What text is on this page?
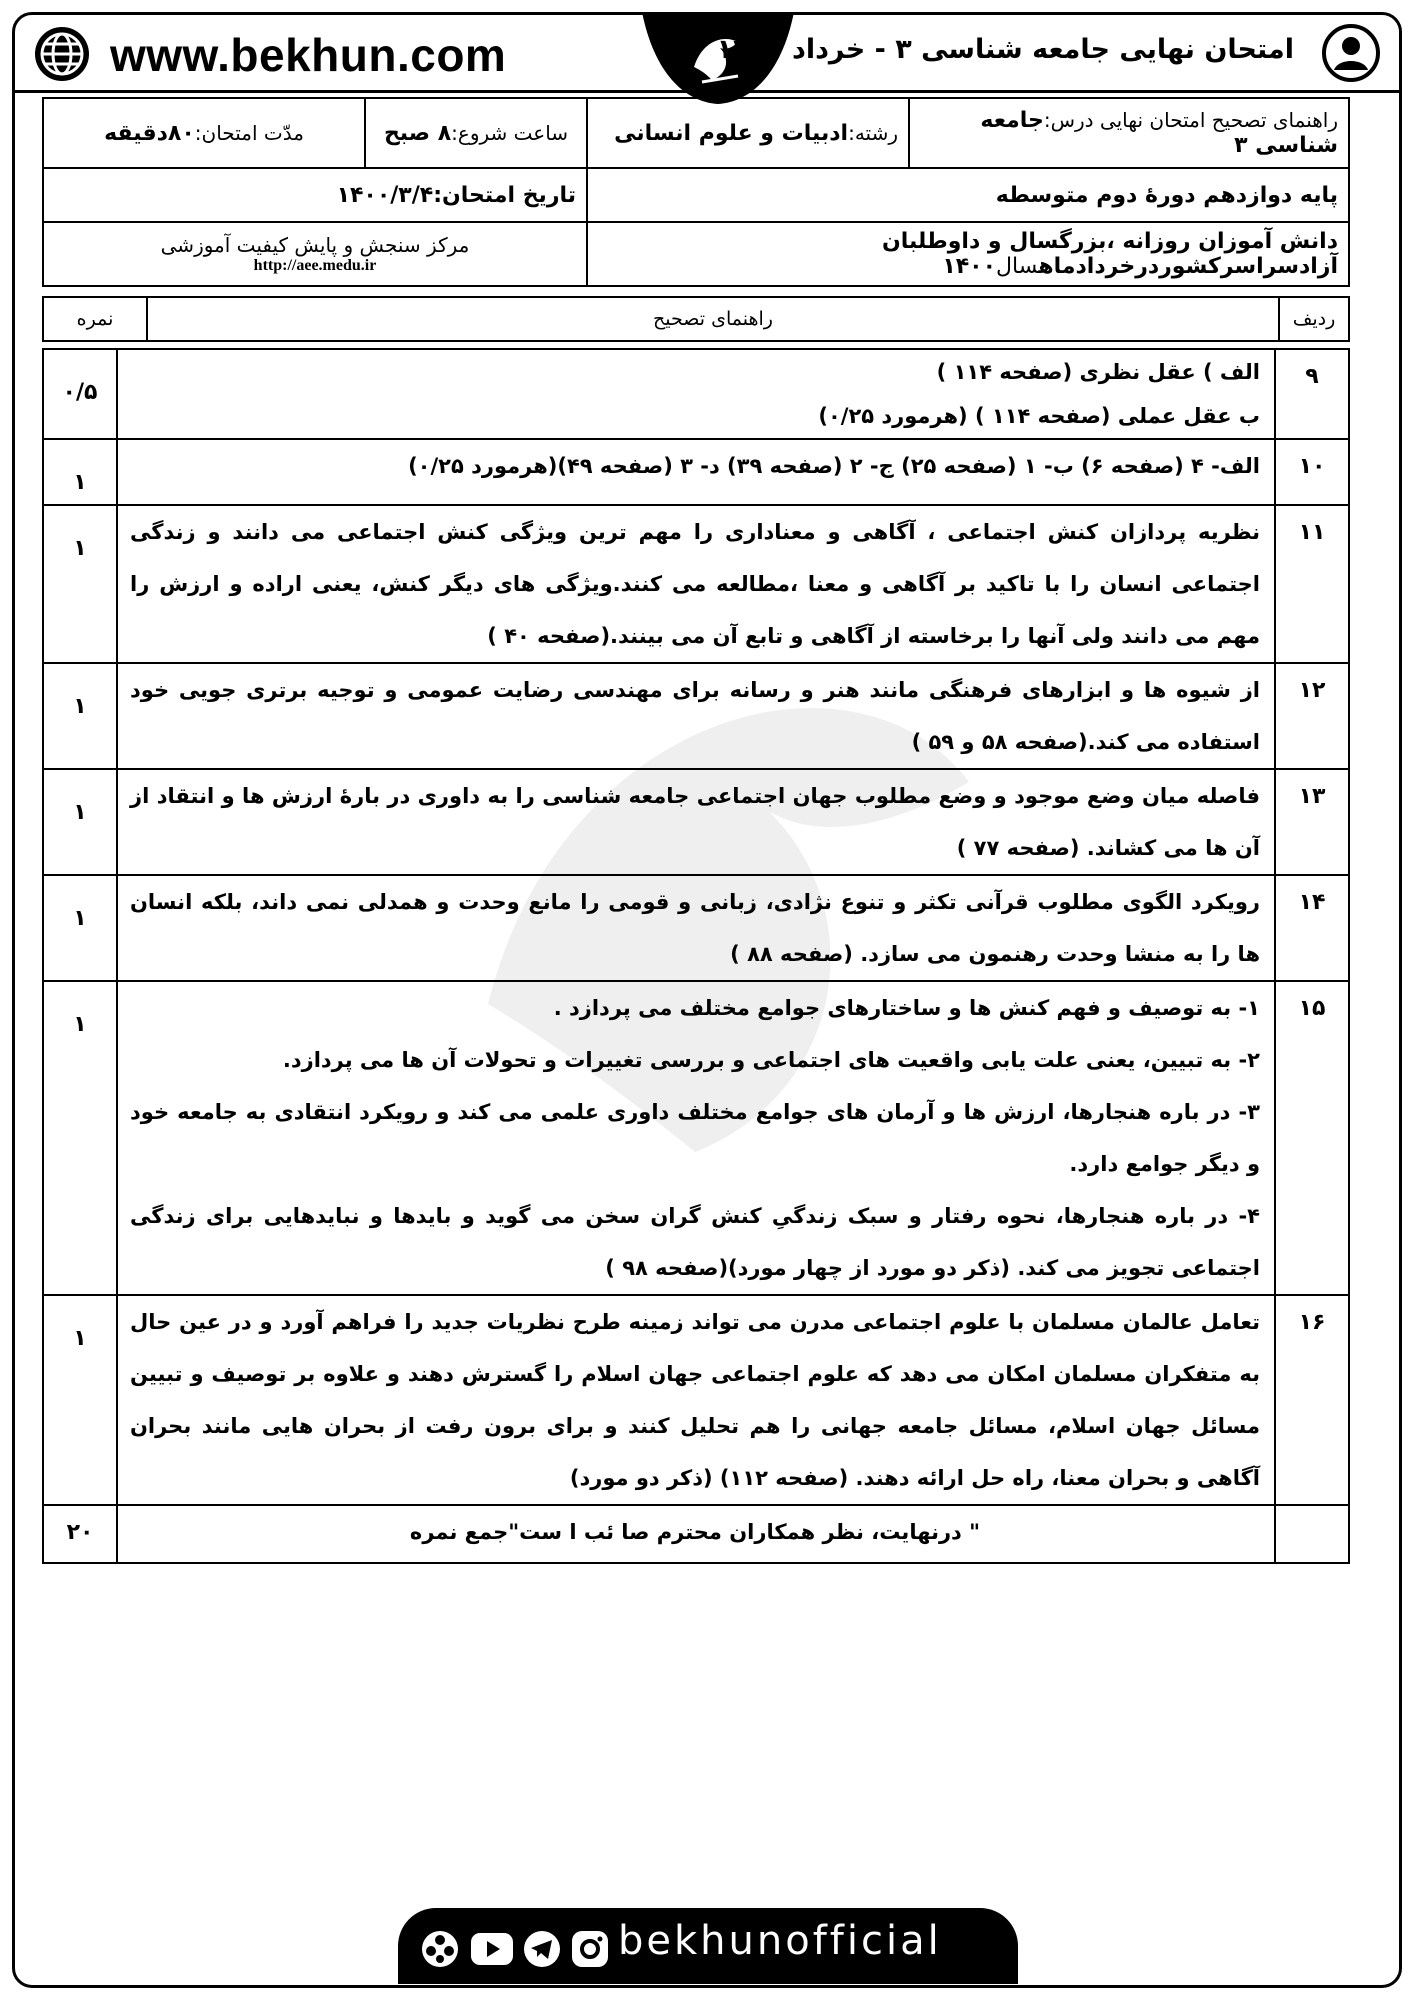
www.bekhun.com	امتحان نهایی جامعه شناسی ۳ - خرداد ۱۴۰۰
راهنمای تصحیح امتحان نهایی درس:جامعه شناسی ۳	رشته:ادبیات و علوم انسانی	ساعت شروع:۸ صبح	مدّت امتحان:۸۰دقیقه
پایه دوازدهم دورهٔ دوم متوسطه		تاریخ امتحان:۱۴۰۰/۳/۴	
دانش آموزان روزانه ،بزرگسال و داوطلبان آزادسراسرکشوردرخردادماهسال۱۴۰۰		مرکز سنجش و پایش کیفیت آموزشی
http://aee.medu.ir	
ردیف	راهنمای تصحیح	نمره
۹	الف ) عقل نظری (صفحه ۱۱۴ )

ب عقل عملی (صفحه ۱۱۴ ) (هرمورد ۰/۲۵)	۰/۵
۱۰	الف- ۴ (صفحه ۶) ب- ۱ (صفحه ۲۵) ج- ۲ (صفحه ۳۹) د- ۳ (صفحه ۴۹)(هرمورد ۰/۲۵)	۱
۱۱	نظریه پردازان کنش اجتماعی ، آگاهی و معناداری را مهم ترین ویژگی کنش اجتماعی می دانند و زندگی اجتماعی انسان را با تاکید بر آگاهی و معنا ،مطالعه می کنند.ویژگی های دیگر کنش، یعنی اراده و ارزش را مهم می دانند ولی آنها را برخاسته از آگاهی و تابع آن می بینند.(صفحه ۴۰ )	۱
۱۲	از شیوه ها و ابزارهای فرهنگی مانند هنر و رسانه برای مهندسی رضایت عمومی و توجیه برتری جویی خود استفاده می کند.(صفحه ۵۸ و ۵۹ )	۱
۱۳	فاصله میان وضع موجود و وضع مطلوب جهان اجتماعی جامعه شناسی را به داوری در بارهٔ ارزش ها و انتقاد از آن ها می کشاند. (صفحه ۷۷ )	۱
۱۴	رویکرد الگوی مطلوب قرآنی تکثر و تنوع نژادی، زبانی و قومی را مانع وحدت و همدلی نمی داند، بلکه انسان ها را به منشا وحدت رهنمون می سازد. (صفحه ۸۸ )	۱
۱۵	۱- به توصیف و فهم کنش ها و ساختارهای جوامع مختلف می پردازد .

۲- به تبیین، یعنی علت یابی واقعیت های اجتماعی و بررسی تغییرات و تحولات آن ها می پردازد.

۳- در باره هنجارها، ارزش ها و آرمان های جوامع مختلف داوری علمی می کند و رویکرد انتقادی به جامعه خود و دیگر جوامع دارد.

۴- در باره هنجارها، نحوه رفتار و سبک زندگیِ کنش گران سخن می گوید و بایدها و نبایدهایی برای زندگی اجتماعی تجویز می کند. (ذکر دو مورد از چهار مورد)(صفحه ۹۸ )	۱
۱۶	تعامل عالمان مسلمان با علوم اجتماعی مدرن می تواند زمینه طرح نظریات جدید را فراهم آورد و در عین حال به متفکران مسلمان امکان می دهد که علوم اجتماعی جهان اسلام را گسترش دهند و علاوه بر توصیف و تبیین مسائل جهان اسلام، مسائل جامعه جهانی را هم تحلیل کنند و برای برون رفت از بحران هایی مانند بحران آگاهی و بحران معنا، راه حل ارائه دهند. (صفحه ۱۱۲) (ذکر دو مورد)	۱
	" درنهایت، نظر همکاران محترم صا ئب ا ست"جمع نمره	۲۰
bekhunofficial
